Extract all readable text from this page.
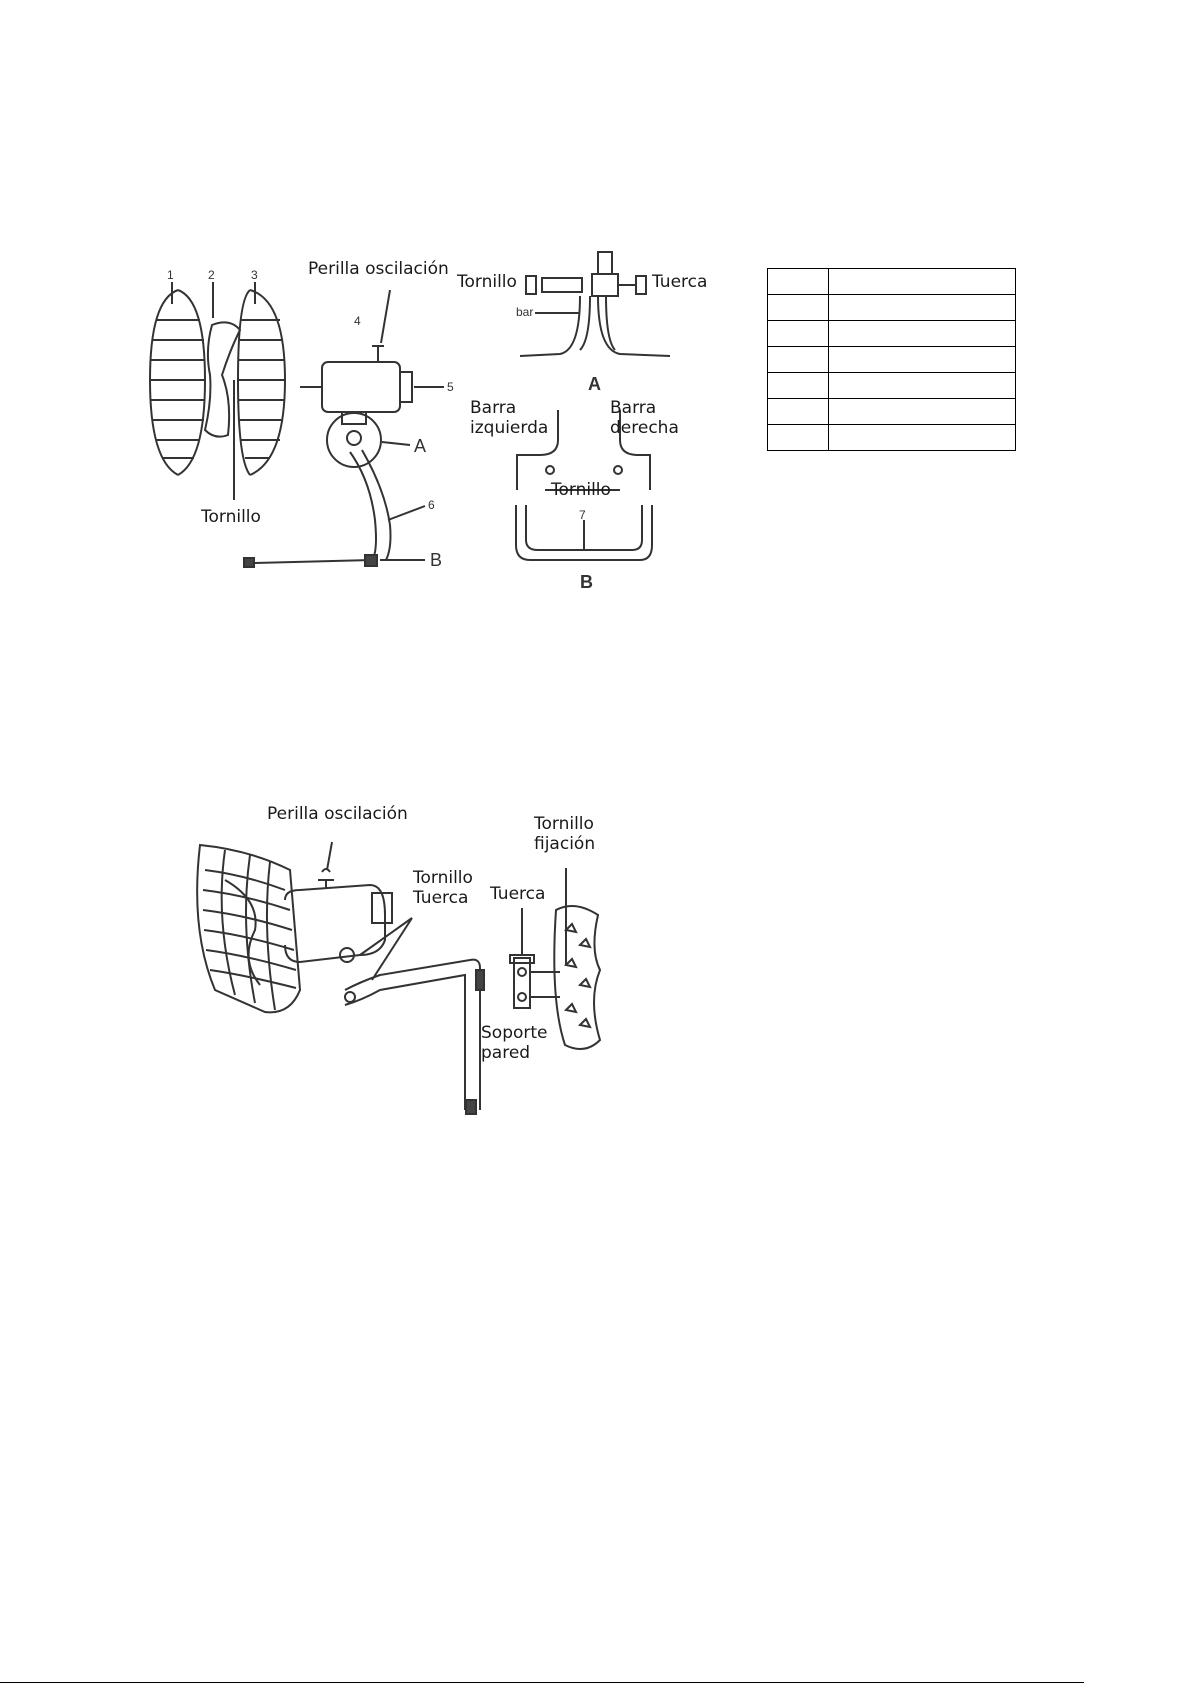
1	2	3
4
5
6
7
Perilla oscilación
Tornillo
A
B
Tornillo	Tuerca
bar
A
Barra
izquierda
Barra
derecha
Tornillo
B

Perilla oscilación
Tornillo
Tuerca Tuerca
Tornillo
fijación
Soporte
pared
